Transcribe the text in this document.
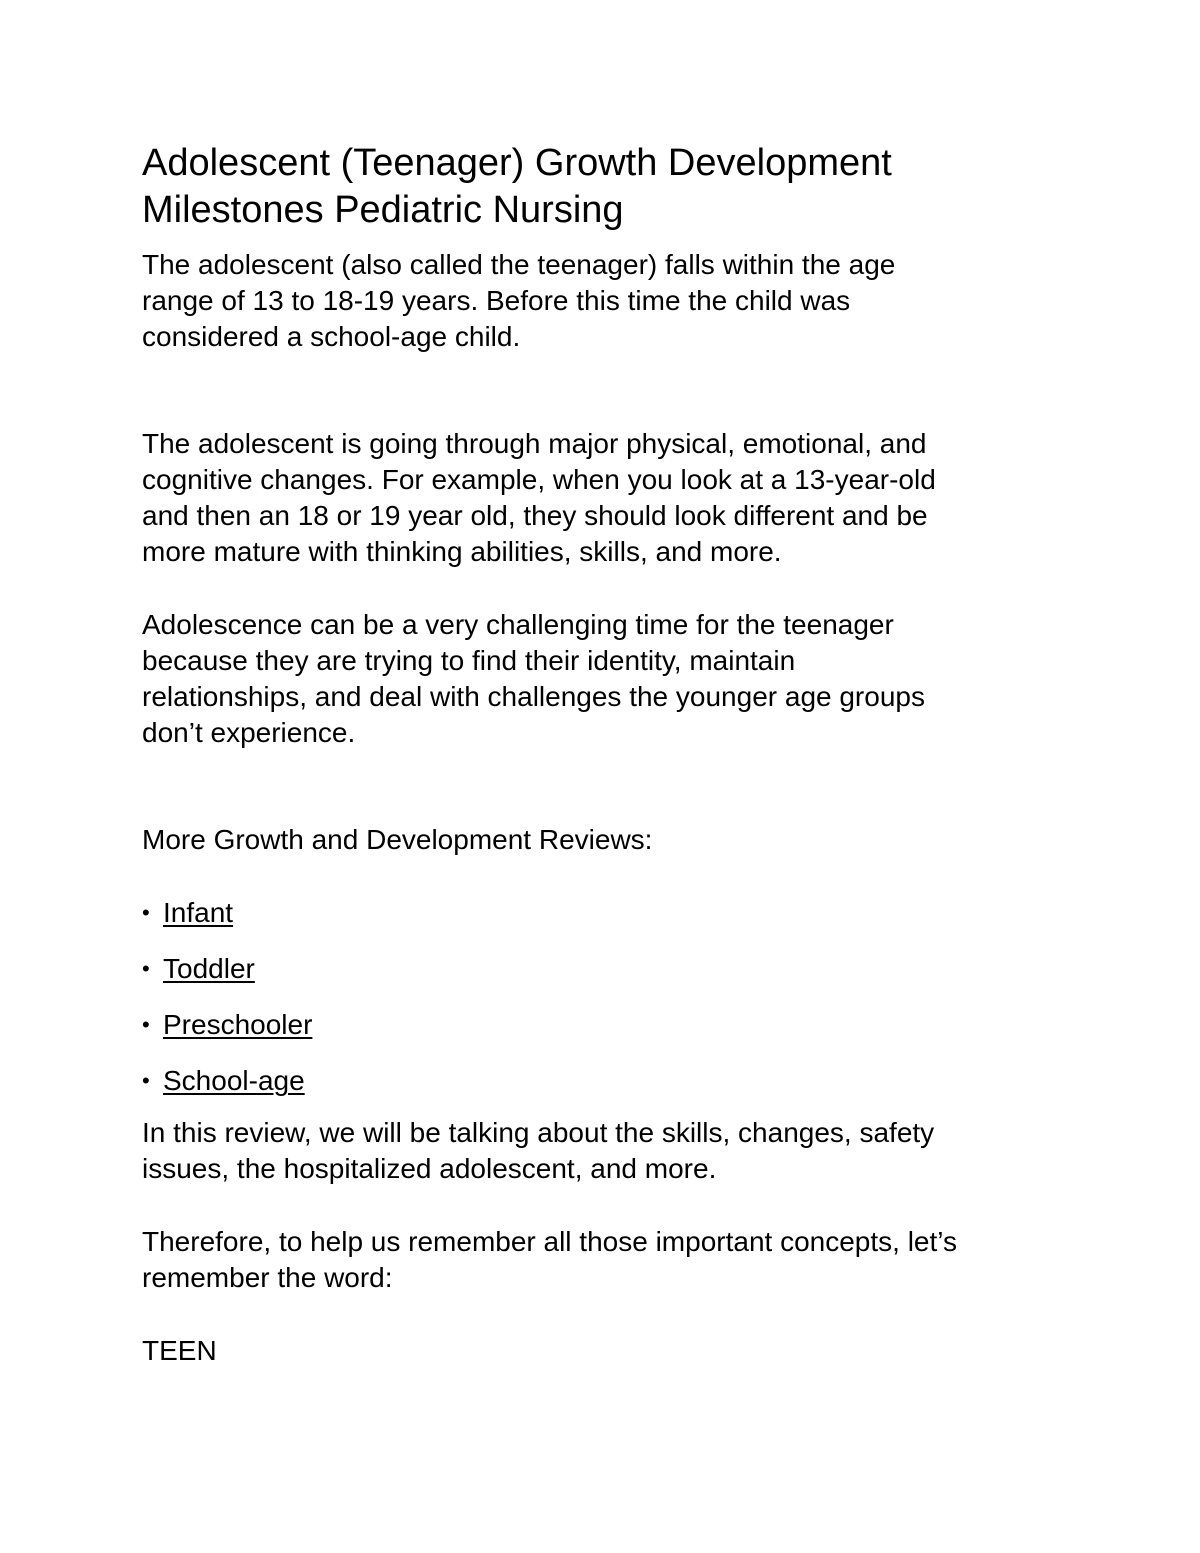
Adolescent (Teenager) Growth Development
Milestones Pediatric Nursing

The adolescent (also called the teenager) falls within the age
range of 13 to 18-19 years. Before this time the child was
considered a school-age child.

The adolescent is going through major physical, emotional, and
cognitive changes. For example, when you look at a 13-year-old
and then an 18 or 19 year old, they should look different and be
more mature with thinking abilities, skills, and more.

Adolescence can be a very challenging time for the teenager
because they are trying to find their identity, maintain
relationships, and deal with challenges the younger age groups
don’t experience.

More Growth and Development Reviews:

• Infant
• Toddler
• Preschooler
• School-age

In this review, we will be talking about the skills, changes, safety
issues, the hospitalized adolescent, and more.

Therefore, to help us remember all those important concepts, let’s
remember the word:

TEEN
